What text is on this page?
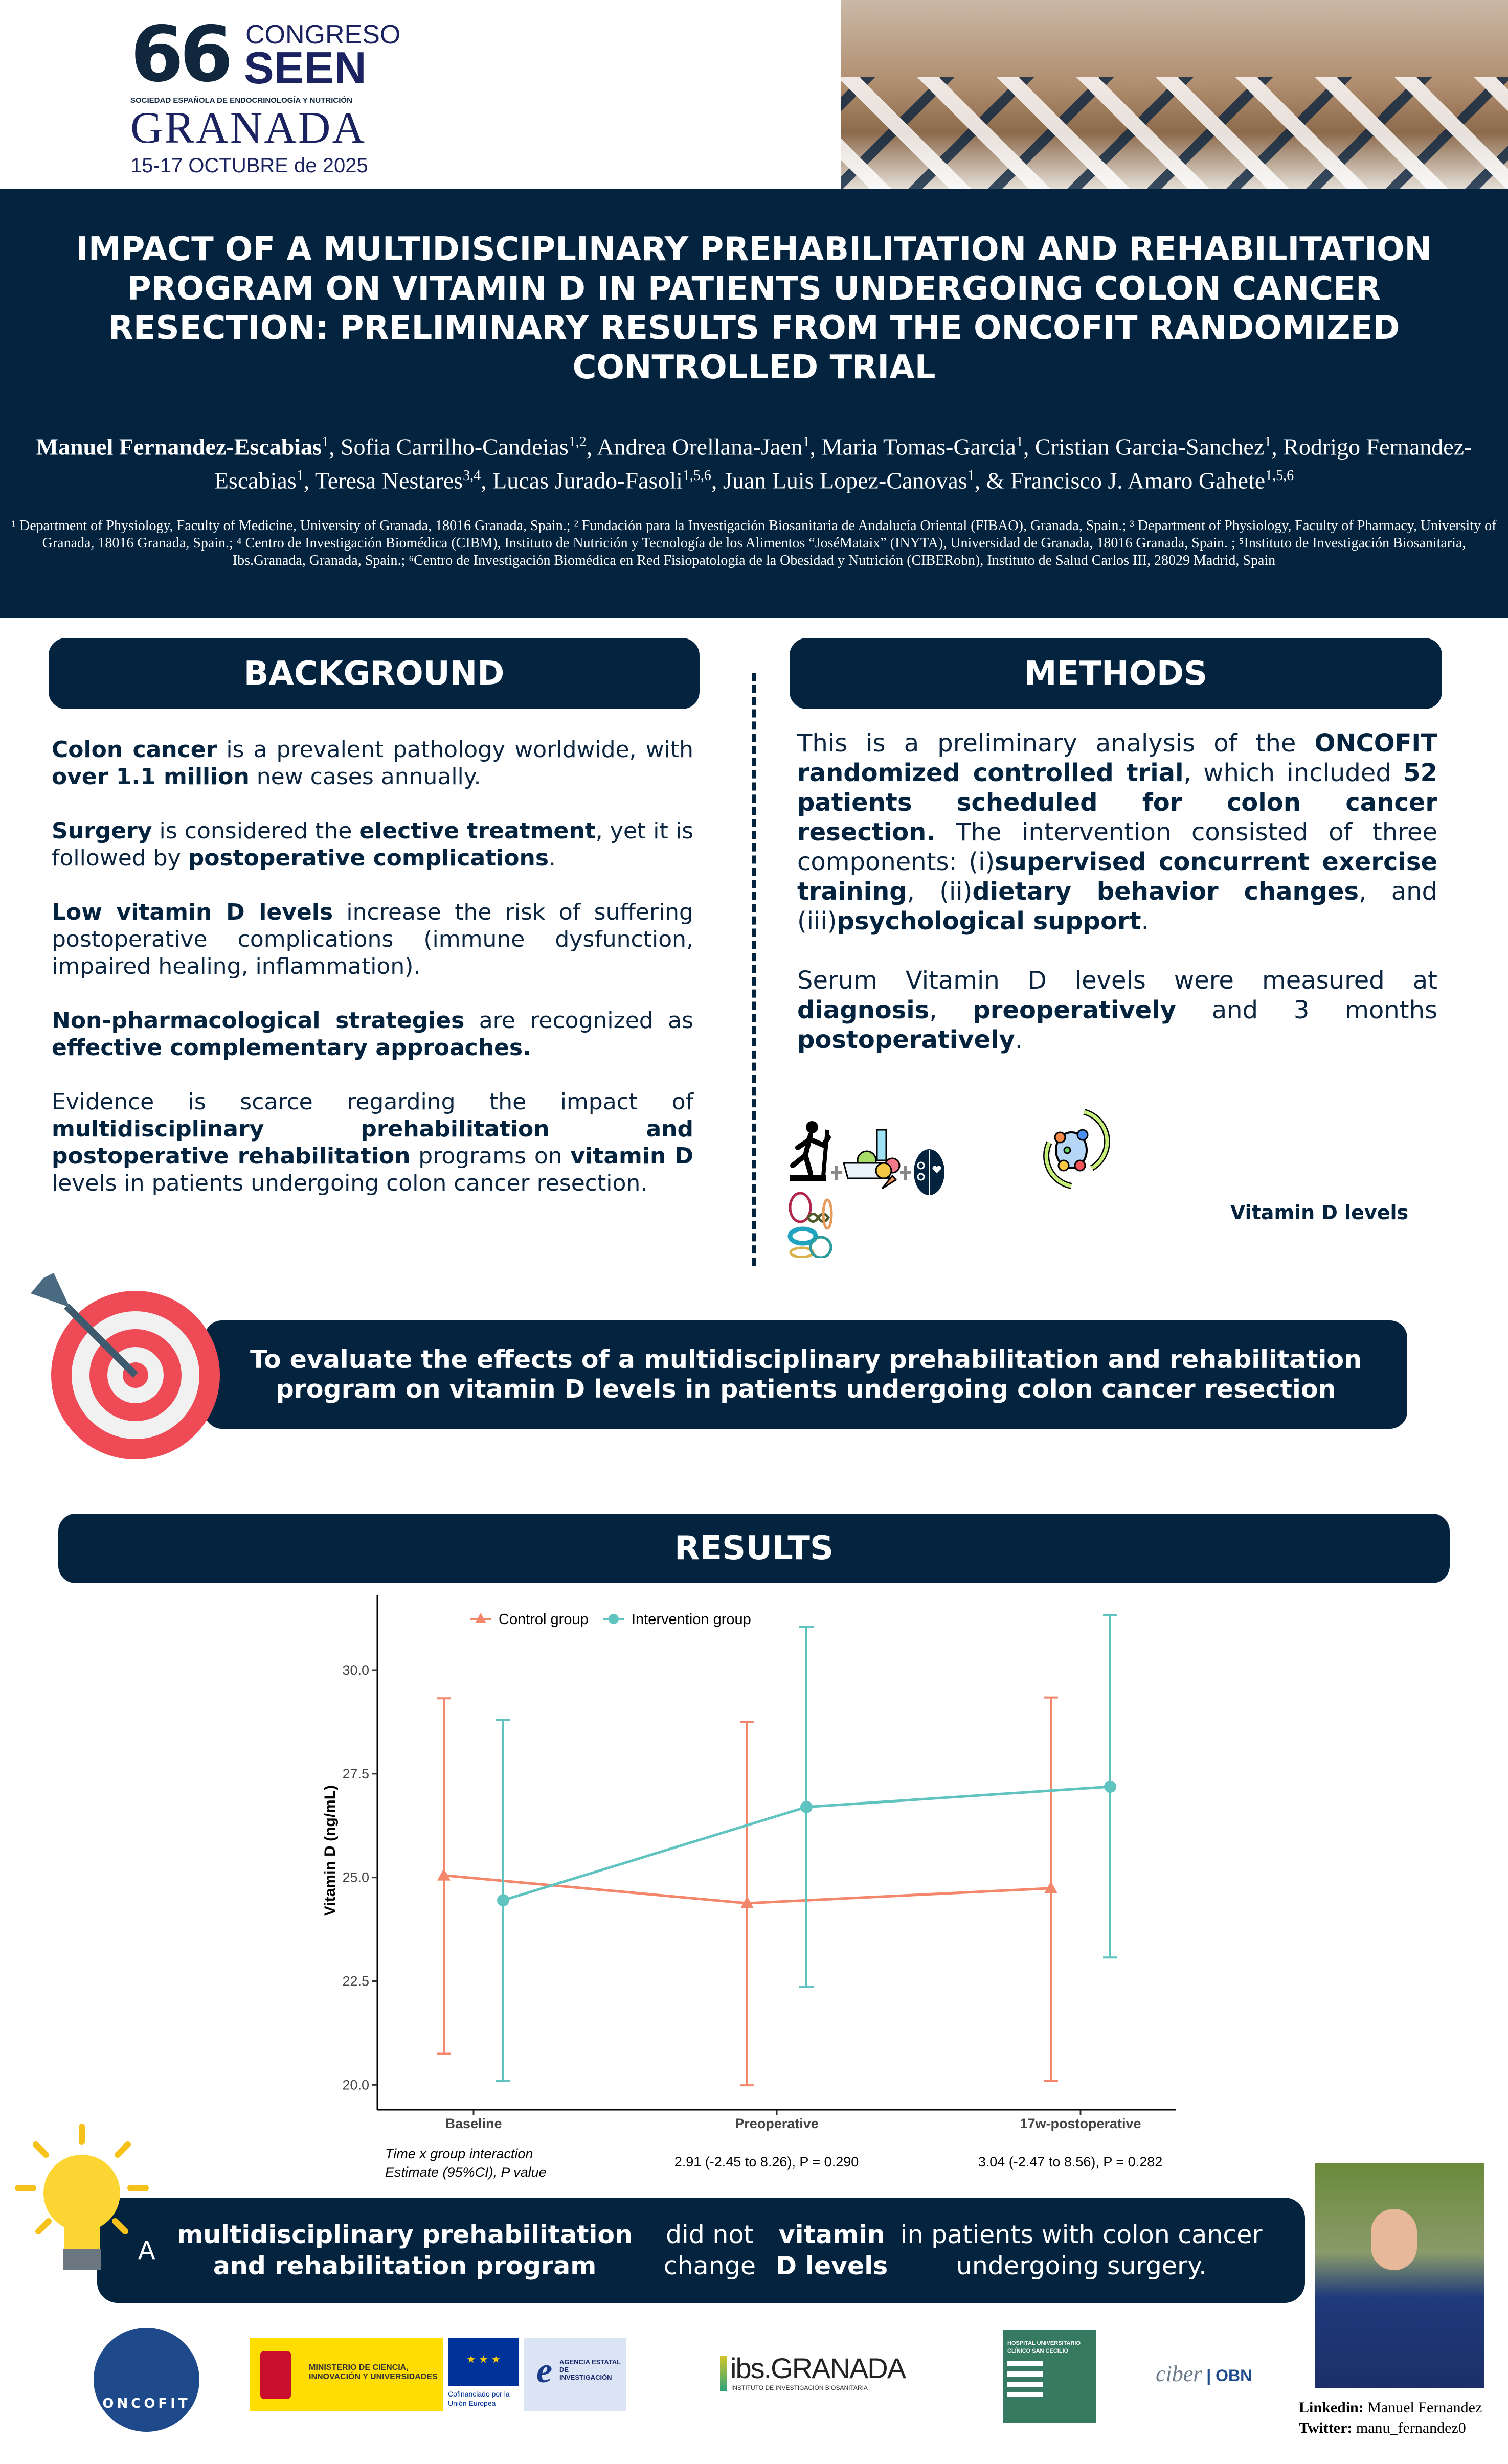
66 CONGRESO
SEEN
SOCIEDAD ESPAÑOLA DE ENDOCRINOLOGÍA Y NUTRICIÓN
GRANADA
15-17 OCTUBRE de 2025
IMPACT OF A MULTIDISCIPLINARY PREHABILITATION AND REHABILITATION PROGRAM ON VITAMIN D IN PATIENTS UNDERGOING COLON CANCER RESECTION: PRELIMINARY RESULTS FROM THE ONCOFIT RANDOMIZED CONTROLLED TRIAL
Manuel Fernandez-Escabias$^1$, Sofia Carrilho-Candeias$^{1,2}$, Andrea Orellana-Jaen$^1$, Maria Tomas-Garcia$^1$, Cristian Garcia-Sanchez$^1$, Rodrigo Fernandez-Escabias$^1$, Teresa Nestares$^{3,4}$, Lucas Jurado-Fasoli$^{1,5,6}$, Juan Luis Lopez-Canovas$^1$, & Francisco J. Amaro Gahete$^{1,5,6}$
¹ Department of Physiology, Faculty of Medicine, University of Granada, 18016 Granada, Spain.; ² Fundación para la Investigación Biosanitaria de Andalucía Oriental (FIBAO), Granada, Spain.; ³ Department of Physiology, Faculty of Pharmacy, University of Granada, 18016 Granada, Spain.; ⁴ Centro de Investigación Biomédica (CIBM), Instituto de Nutrición y Tecnología de los Alimentos “JoséMataix” (INYTA), Universidad de Granada, 18016 Granada, Spain. ; ⁵Instituto de Investigación Biosanitaria, Ibs.Granada, Granada, Spain.; ⁶Centro de Investigación Biomédica en Red Fisiopatología de la Obesidad y Nutrición (CIBERobn), Instituto de Salud Carlos III, 28029 Madrid, Spain
BACKGROUND
Colon cancer is a prevalent pathology worldwide, with over 1.1 million new cases annually.
Surgery is considered the elective treatment, yet it is followed by postoperative complications.
Low vitamin D levels increase the risk of suffering postoperative complications (immune dysfunction, impaired healing, inflammation).
Non-pharmacological strategies are recognized as effective complementary approaches.
Evidence is scarce regarding the impact of multidisciplinary prehabilitation and postoperative rehabilitation programs on vitamin D levels in patients undergoing colon cancer resection.
METHODS
This is a preliminary analysis of the ONCOFIT randomized controlled trial, which included 52 patients scheduled for colon cancer resection. The intervention consisted of three components: (i)supervised concurrent exercise training, (ii)dietary behavior changes, and (iii)psychological support.
Serum Vitamin D levels were measured at diagnosis, preoperatively and 3 months postoperatively.
Vitamin D levels
To evaluate the effects of a multidisciplinary prehabilitation and rehabilitation program on vitamin D levels in patients undergoing colon cancer resection
RESULTS
20.0
22.5
25.0
27.5
30.0
Baseline	Preoperative	17w-postoperative
Vitamin D (ng/mL)
Control group	Intervention group
Time x group interaction
Estimate (95%CI), P value
2.91 (-2.45 to 8.26), P = 0.290	3.04 (-2.47 to 8.56), P = 0.282
A
multidisciplinary prehabilitation and rehabilitation program
did not change
vitamin D levels
in patients with colon cancer undergoing surgery.
Linkedin: Manuel Fernandez
Twitter: manu_fernandez0
ONCOFIT
MINISTERIO DE CIENCIA, INNOVACIÓN Y UNIVERSIDADES
★ ★ ★
Cofinanciado por la Unión Europea
e AGENCIA ESTATAL DE INVESTIGACIÓN	ibs.GRANADA
INSTITUTO DE INVESTIGACIÓN BIOSANITARIA
HOSPITAL UNIVERSITARIO CLÍNICO SAN CECILIO
ciber | OBN
